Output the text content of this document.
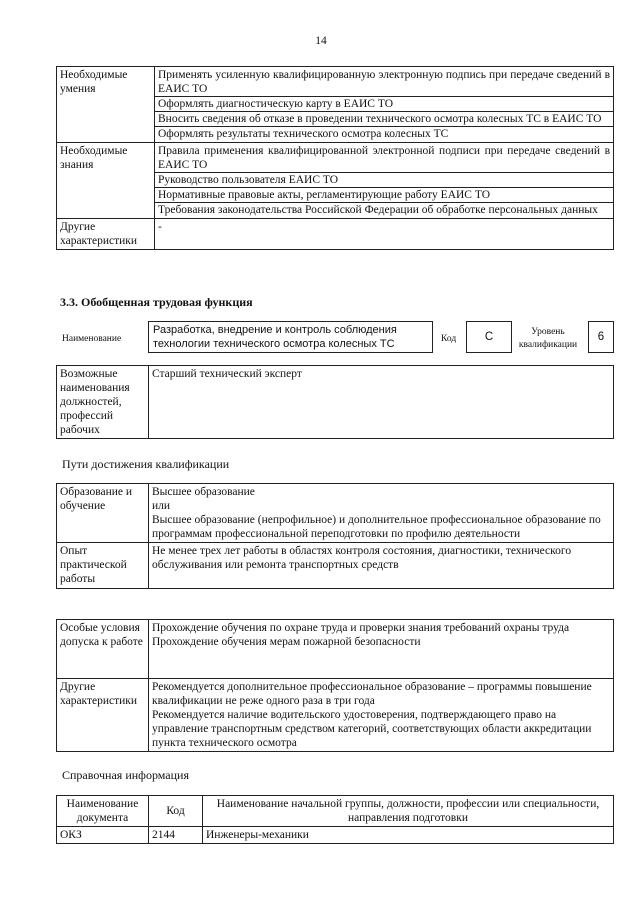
14
Необходимые умения	Применять усиленную квалифицированную электронную подпись при передаче сведений в ЕАИС ТО
Оформлять диагностическую карту в ЕАИС ТО
Вносить сведения об отказе в проведении технического осмотра колесных ТС в ЕАИС ТО
Оформлять результаты технического осмотра колесных ТС

Необходимые знания	Правила применения квалифицированной электронной подписи при передаче сведений в ЕАИС ТО
Руководство пользователя ЕАИС ТО
Нормативные правовые акты, регламентирующие работу ЕАИС ТО
Требования законодательства Российской Федерации об обработке персональных данных

Другие характеристики	-
3.3. Обобщенная трудовая функция
Наименование
Разработка, внедрение и контроль соблюдения технологии технического осмотра колесных ТС	Код	C	Уровень квалификации
6
Возможные наименования должностей, профессий рабочих	Старший технический эксперт
Пути достижения квалификации
Образование и обучение	Высшее образование
или
Высшее образование (непрофильное) и дополнительное профессиональное образование по программам профессиональной переподготовки по профилю деятельности

Опыт практической работы	Не менее трех лет работы в областях контроля состояния, диагностики, технического обслуживания или ремонта транспортных средств
Особые условия допуска к работе	Прохождение обучения по охране труда и проверки знания требований охраны труда
Прохождение обучения мерам пожарной безопасности

Другие характеристики	Рекомендуется дополнительное профессиональное образование – программы повышение квалификации не реже одного раза в три года
Рекомендуется наличие водительского удостоверения, подтверждающего право на управление транспортным средством категорий, соответствующих области аккредитации пункта технического осмотра
Справочная информация
Наименование документа	Код	Наименование начальной группы, должности, профессии или специальности, направления подготовки
ОКЗ	2144	Инженеры-механики
